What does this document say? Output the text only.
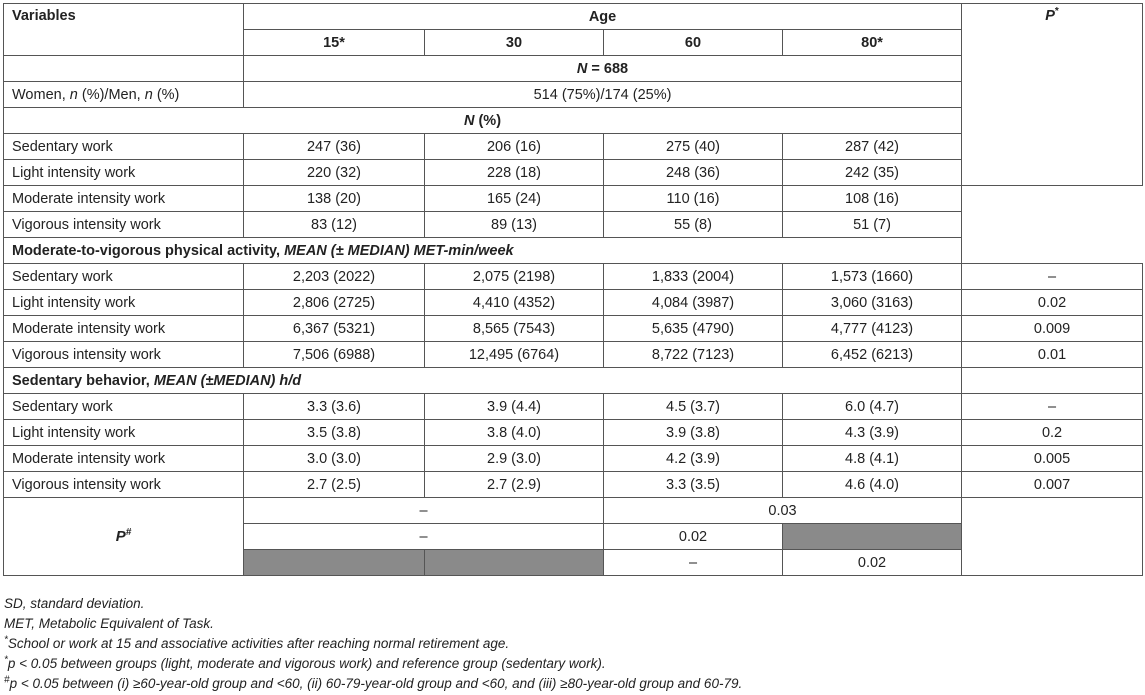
Variables	Age				P*
	15*	30	60	80*	
	N = 688				
Women, n (%)/Men, n (%)	514 (75%)/174 (25%)				
N (%)					
Sedentary work	247 (36)	206 (16)	275 (40)	287 (42)	
Light intensity work	220 (32)	228 (18)	248 (36)	242 (35)	
Moderate intensity work	138 (20)	165 (24)	110 (16)	108 (16)	
Vigorous intensity work	83 (12)	89 (13)	55 (8)	51 (7)	
Moderate-to-vigorous physical activity, MEAN (± MEDIAN) MET-min/week					
Sedentary work	2,203 (2022)	2,075 (2198)	1,833 (2004)	1,573 (1660)	–
Light intensity work	2,806 (2725)	4,410 (4352)	4,084 (3987)	3,060 (3163)	0.02
Moderate intensity work	6,367 (5321)	8,565 (7543)	5,635 (4790)	4,777 (4123)	0.009
Vigorous intensity work	7,506 (6988)	12,495 (6764)	8,722 (7123)	6,452 (6213)	0.01
Sedentary behavior, MEAN (±MEDIAN) h/d					
Sedentary work	3.3 (3.6)	3.9 (4.4)	4.5 (3.7)	6.0 (4.7)	–
Light intensity work	3.5 (3.8)	3.8 (4.0)	3.9 (3.8)	4.3 (3.9)	0.2
Moderate intensity work	3.0 (3.0)	2.9 (3.0)	4.2 (3.9)	4.8 (4.1)	0.005
Vigorous intensity work	2.7 (2.5)	2.7 (2.9)	3.3 (3.5)	4.6 (4.0)	0.007
P#	–		0.03		
	–		0.02		
			–	0.02	
SD, standard deviation.
MET, Metabolic Equivalent of Task.
*School or work at 15 and associative activities after reaching normal retirement age.
*p < 0.05 between groups (light, moderate and vigorous work) and reference group (sedentary work).
#p < 0.05 between (i) ≥60-year-old group and <60, (ii) 60-79-year-old group and <60, and (iii) ≥80-year-old group and 60-79.
